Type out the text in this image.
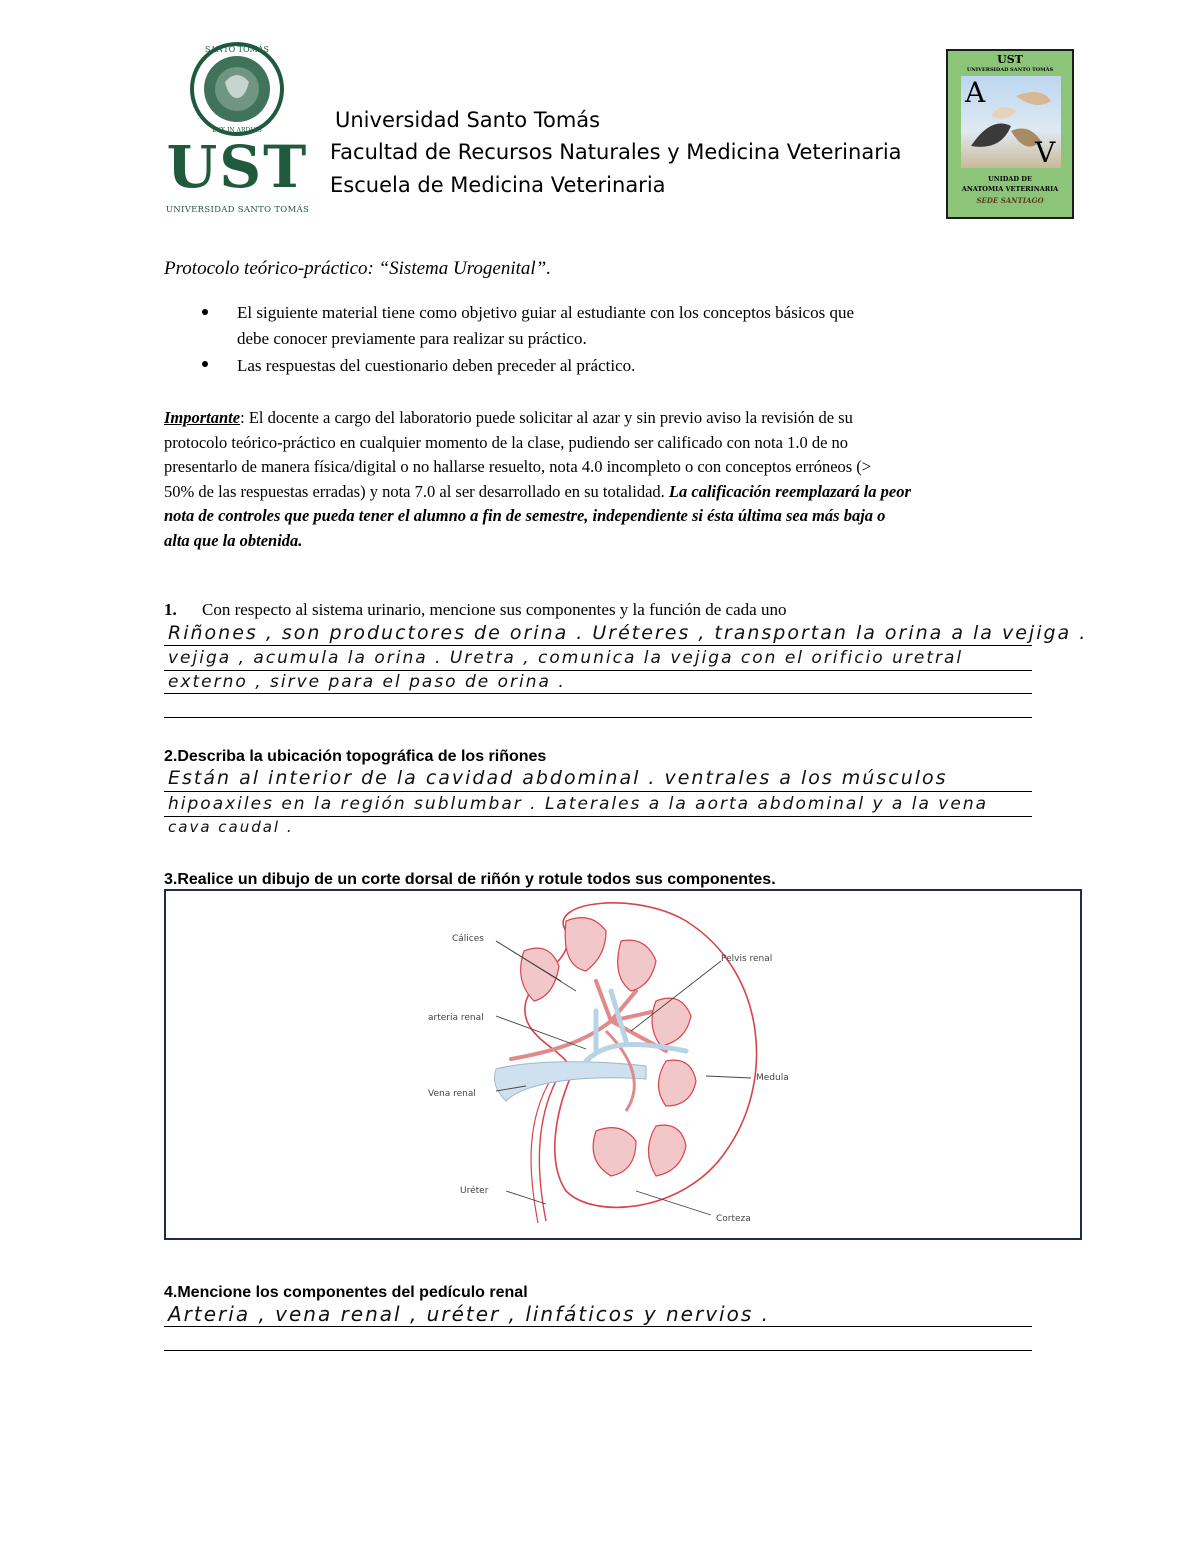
SANTO TOMÁS
LUX IN ARDUIS
UST
UNIVERSIDAD SANTO TOMÁS
Universidad Santo Tomás
Facultad de Recursos Naturales y Medicina Veterinaria
Escuela de Medicina Veterinaria
UST
UNIVERSIDAD SANTO TOMÁS
A
V
UNIDAD DE
ANATOMIA VETERINARIA
SEDE SANTIAGO
Protocolo teórico-práctico: “Sistema Urogenital”.
El siguiente material tiene como objetivo guiar al estudiante con los conceptos básicos que
debe conocer previamente para realizar su práctico.
Las respuestas del cuestionario deben preceder al práctico.
Importante: El docente a cargo del laboratorio puede solicitar al azar y sin previo aviso la revisión de su
protocolo teórico-práctico en cualquier momento de la clase, pudiendo ser calificado con nota 1.0 de no
presentarlo de manera física/digital o no hallarse resuelto, nota 4.0 incompleto o con conceptos erróneos (>
50% de las respuestas erradas) y nota 7.0 al ser desarrollado en su totalidad. La calificación reemplazará la peor
nota de controles que pueda tener el alumno a fin de semestre, independiente si ésta última sea más baja o
alta que la obtenida.
1. Con respecto al sistema urinario, mencione sus componentes y la función de cada uno
Riñones , son productores de orina . Uréteres , transportan la orina a la vejiga .
vejiga , acumula la orina . Uretra , comunica la vejiga con el orificio uretral
externo , sirve para el paso de orina .
2.Describa la ubicación topográfica de los riñones
Están al interior de la cavidad abdominal . ventrales a los músculos
hipoaxiles en la región sublumbar . Laterales a la aorta abdominal y a la vena
cava caudal .
3.Realice un dibujo de un corte dorsal de riñón y rotule todos sus componentes.
Cálices
Pelvis renal
arteria renal
Medula
Vena renal
Uréter
Corteza
4.Mencione los componentes del pedículo renal
Arteria , vena renal , uréter , linfáticos y nervios .
